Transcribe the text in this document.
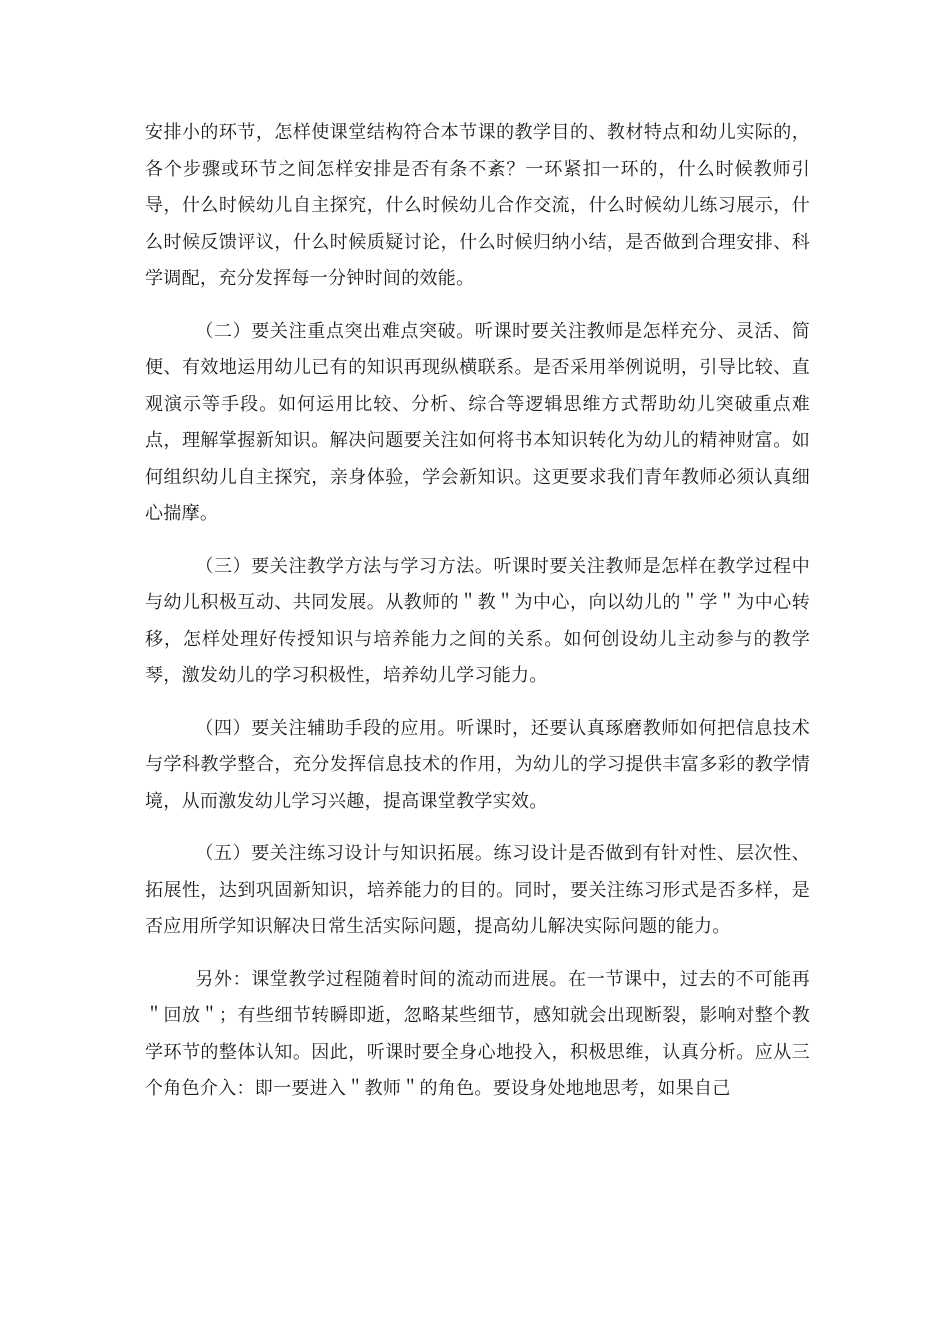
安排小的环节，怎样使课堂结构符合本节课的教学目的、教材特点和幼儿实际的，各个步骤或环节之间怎样安排是否有条不紊？一环紧扣一环的，什么时候教师引导，什么时候幼儿自主探究，什么时候幼儿合作交流，什么时候幼儿练习展示，什么时候反馈评议，什么时候质疑讨论，什么时候归纳小结，是否做到合理安排、科学调配，充分发挥每一分钟时间的效能。

（二）要关注重点突出难点突破。听课时要关注教师是怎样充分、灵活、简便、有效地运用幼儿已有的知识再现纵横联系。是否采用举例说明，引导比较、直观演示等手段。如何运用比较、分析、综合等逻辑思维方式帮助幼儿突破重点难点，理解掌握新知识。解决问题要关注如何将书本知识转化为幼儿的精神财富。如何组织幼儿自主探究，亲身体验，学会新知识。这更要求我们青年教师必须认真细心揣摩。

（三）要关注教学方法与学习方法。听课时要关注教师是怎样在教学过程中与幼儿积极互动、共同发展。从教师的＂教＂为中心，向以幼儿的＂学＂为中心转移，怎样处理好传授知识与培养能力之间的关系。如何创设幼儿主动参与的教学琴，激发幼儿的学习积极性，培养幼儿学习能力。

（四）要关注辅助手段的应用。听课时，还要认真琢磨教师如何把信息技术与学科教学整合，充分发挥信息技术的作用，为幼儿的学习提供丰富多彩的教学情境，从而激发幼儿学习兴趣，提高课堂教学实效。

（五）要关注练习设计与知识拓展。练习设计是否做到有针对性、层次性、拓展性，达到巩固新知识，培养能力的目的。同时，要关注练习形式是否多样，是否应用所学知识解决日常生活实际问题，提高幼儿解决实际问题的能力。

另外：课堂教学过程随着时间的流动而进展。在一节课中，过去的不可能再＂回放＂；有些细节转瞬即逝，忽略某些细节，感知就会出现断裂，影响对整个教学环节的整体认知。因此，听课时要全身心地投入，积极思维，认真分析。应从三个角色介入：即一要进入＂教师＂的角色。要设身处地地思考，如果自己
